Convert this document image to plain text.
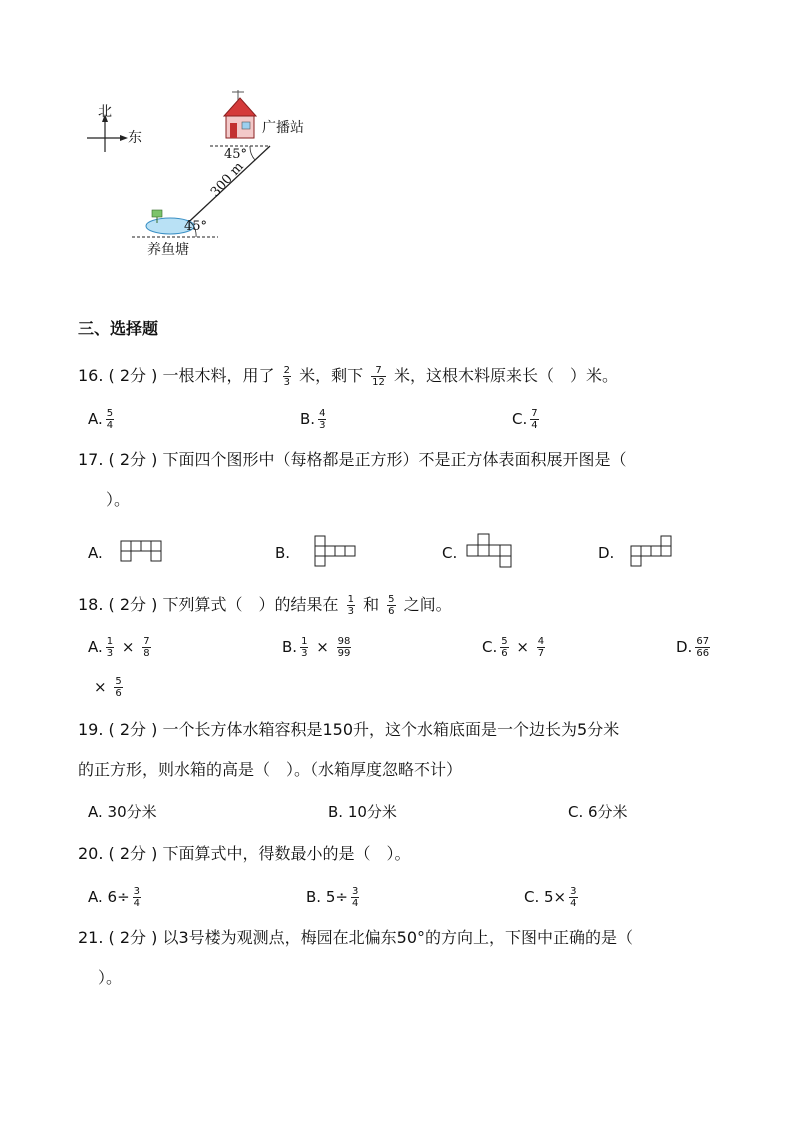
北
东
广播站
养鱼塘
45°
45°
300 m
三、选择题
16. ( 2分 ) 一根木料，用了 $\frac{2}{3}$ 米，剩下 $\frac{7}{12}$ 米，这根木料原来长（　）米。
A. $\frac{5}{4}$	B. $\frac{4}{3}$	C. $\frac{7}{4}$
17. ( 2分 ) 下面四个图形中（每格都是正方形）不是正方体表面积展开图是（
）。
A.	B.	C.	D.
18. ( 2分 ) 下列算式（　）的结果在 $\frac{1}{3}$ 和 $\frac{5}{6}$ 之间。
A. $\frac{1}{3} \times \frac{7}{8}$	B. $\frac{1}{3} \times \frac{98}{99}$	C. $\frac{5}{6} \times \frac{4}{7}$	D. $\frac{67}{66}$
× $\frac{5}{6}$
19. ( 2分 ) 一个长方体水箱容积是150升，这个水箱底面是一个边长为5分米
的正方形，则水箱的高是（　）。（水箱厚度忽略不计）
A. 30分米	B. 10分米	C. 6分米
20. ( 2分 ) 下面算式中，得数最小的是（　）。
A. $6\div \frac{3}{4}$	B. $5\div \frac{3}{4}$	C. $5\times \frac{3}{4}$
21. ( 2分 ) 以3号楼为观测点，梅园在北偏东50°的方向上，下图中正确的是（
）。
